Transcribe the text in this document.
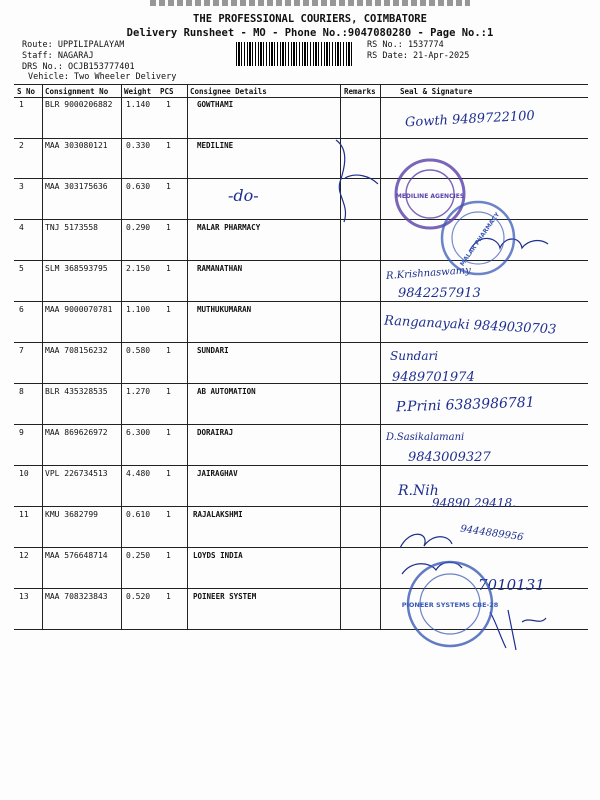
THE PROFESSIONAL COURIERS, COIMBATORE
Delivery Runsheet - MO - Phone No.:9047080280 - Page No.:1
Route: UPPILIPALAYAM
Staff: NAGARAJ
DRS No.: OCJB153777401
Vehicle: Two Wheeler Delivery
RS No.: 1537774
RS Date: 21-Apr-2025
S No Consignment No Weight PCS Consignee Details	Remarks	Seal & Signature
1	BLR 9000206882 1.140 1	GOWTHAMI
2	MAA 303080121 0.330 1	MEDILINE
3	MAA 303175636 0.630 1
4	TNJ 5173558	0.290 1	MALAR PHARMACY
5	SLM 368593795 2.150 1	RAMANATHAN
6	MAA 9000070781 1.100 1	MUTHUKUMARAN
7	MAA 708156232 0.580 1	SUNDARI
8	BLR 435328535 1.270 1	AB AUTOMATION
9	MAA 869626972 6.300 1	DORAIRAJ
10 VPL 226734513 4.480 1	JAIRAGHAV
11 KMU 3682799	0.610 1	RAJALAKSHMI
12 MAA 576648714 0.250 1	LOYDS INDIA
13 MAA 708323843 0.520 1	POINEER SYSTEM
Gowth 9489722100
-do-
R.Krishnaswamy
9842257913
Ranganayaki 9849030703
Sundari
9489701974
P.Prini 6383986781
D.Sasikalamani
9843009327
R.Nih
94890 29418.
9444889956
7010131
MEDILINE AGENCIES
MALAR PHARMACY
PIONEER SYSTEMS CBE-28
